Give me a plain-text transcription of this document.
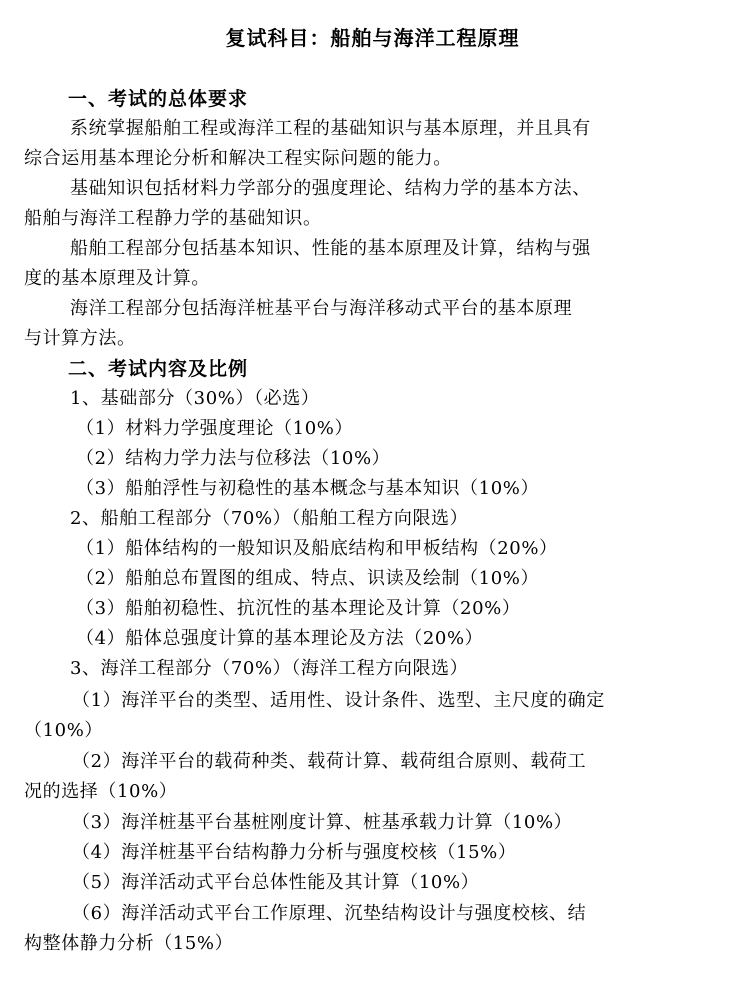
复试科目：船舶与海洋工程原理
一、考试的总体要求
系统掌握船舶工程或海洋工程的基础知识与基本原理，并且具有
综合运用基本理论分析和解决工程实际问题的能力。
基础知识包括材料力学部分的强度理论、结构力学的基本方法、
船舶与海洋工程静力学的基础知识。
船舶工程部分包括基本知识、性能的基本原理及计算，结构与强
度的基本原理及计算。
海洋工程部分包括海洋桩基平台与海洋移动式平台的基本原理
与计算方法。
二、考试内容及比例
1、基础部分（30%）（必选）
（1）材料力学强度理论（10%）
（2）结构力学力法与位移法（10%）
（3）船舶浮性与初稳性的基本概念与基本知识（10%）
2、船舶工程部分（70%）（船舶工程方向限选）
（1）船体结构的一般知识及船底结构和甲板结构（20%）
（2）船舶总布置图的组成、特点、识读及绘制（10%）
（3）船舶初稳性、抗沉性的基本理论及计算（20%）
（4）船体总强度计算的基本理论及方法（20%）
3、海洋工程部分（70%）（海洋工程方向限选）
（1）海洋平台的类型、适用性、设计条件、选型、主尺度的确定
（10%）
（2）海洋平台的载荷种类、载荷计算、载荷组合原则、载荷工
况的选择（10%）
（3）海洋桩基平台基桩刚度计算、桩基承载力计算（10%）
（4）海洋桩基平台结构静力分析与强度校核（15%）
（5）海洋活动式平台总体性能及其计算（10%）
（6）海洋活动式平台工作原理、沉垫结构设计与强度校核、结
构整体静力分析（15%）
